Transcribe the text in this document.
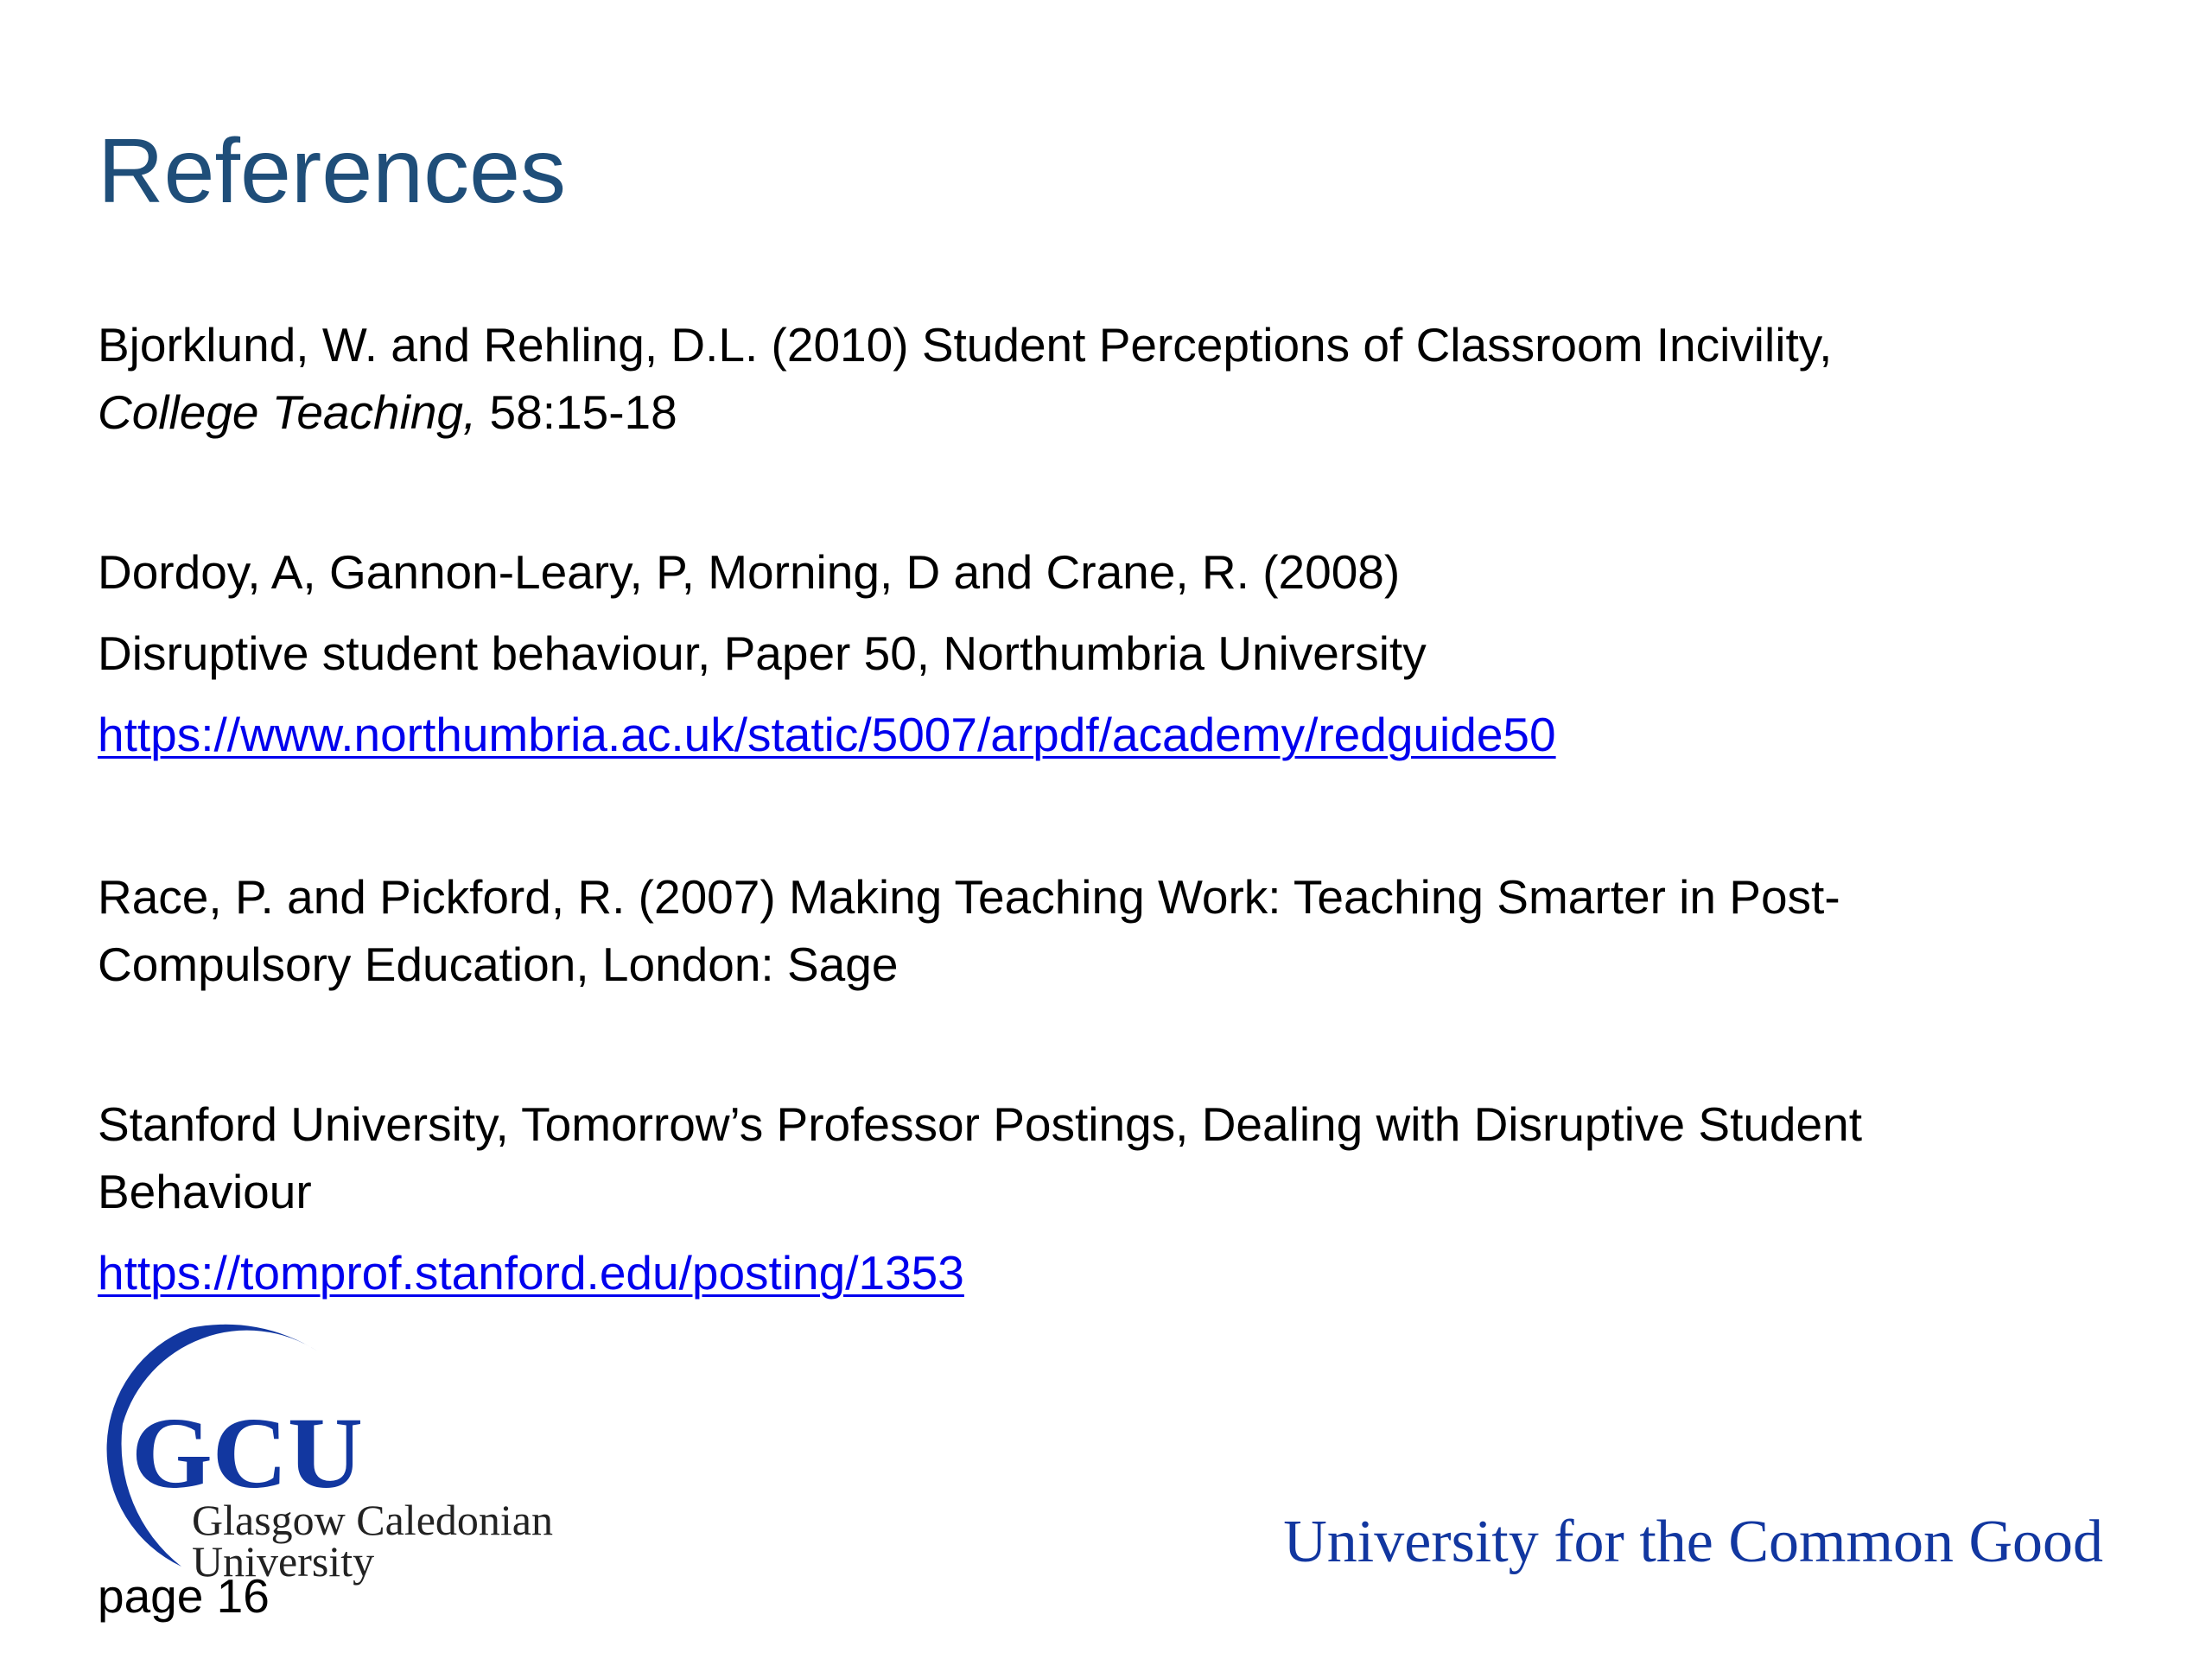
References
Bjorklund, W. and Rehling, D.L. (2010) Student Perceptions of Classroom Incivility,
College Teaching, 58:15-18
Dordoy, A, Gannon-Leary, P, Morning, D and Crane, R. (2008)
Disruptive student behaviour, Paper 50, Northumbria University
https://www.northumbria.ac.uk/static/5007/arpdf/academy/redguide50
Race, P. and Pickford, R. (2007) Making Teaching Work: Teaching Smarter in Post-
Compulsory Education, London: Sage
Stanford University, Tomorrow’s Professor Postings, Dealing with Disruptive Student
Behaviour
https://tomprof.stanford.edu/posting/1353
GCU
Glasgow Caledonian
University
page 16
University for the Common Good
